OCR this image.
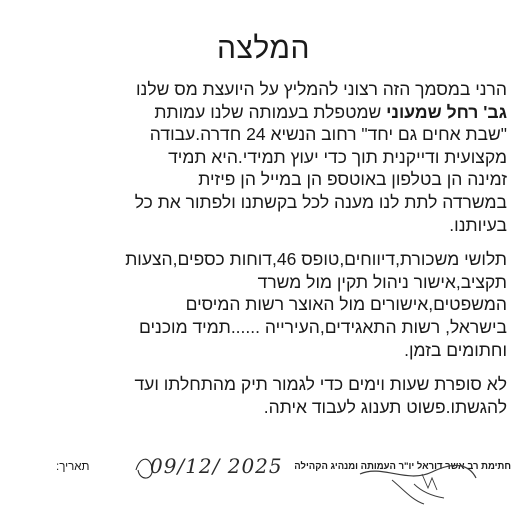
המלצה

הרני במסמך הזה רצוני להמליץ על היועצת מס שלנו
גב' רחל שמעוני שמטפלת בעמותה שלנו עמותת
"שבת אחים גם יחד" רחוב הנשיא 24 חדרה.עבודה
מקצועית ודייקנית תוך כדי יעוץ תמידי.היא תמיד
זמינה הן בטלפון באוטספ הן במייל הן פיזית
במשרדה לתת לנו מענה לכל בקשתנו ולפתור את כל
בעיותנו.

תלושי משכורת,דיווחים,טופס 46,דוחות כספים,הצעות
תקציב,אישור ניהול תקין מול משרד
המשפטים,אישורים מול האוצר רשות המיסים
בישראל, רשות התאגידים,העירייה ......תמיד מוכנים
וחתומים בזמן.

לא סופרת שעות וימים כדי לגמור תיק מהתחלתו ועד
להגשתו.פשוט תענוג לעבוד איתה.

חתימת רב אשר דוראל יו"ר העמותה ומנהיג הקהילה
תאריך:	09/12/ 2025
